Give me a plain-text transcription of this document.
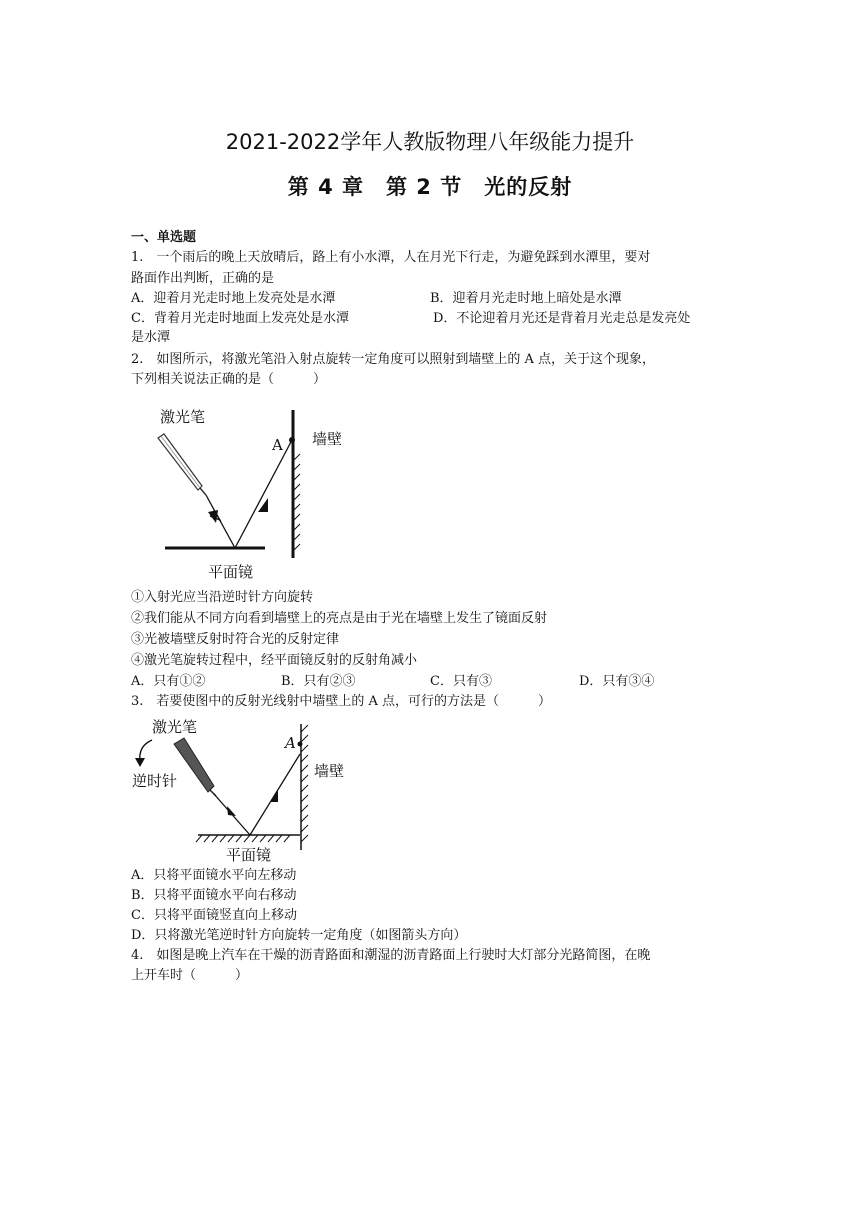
2021-2022学年人教版物理八年级能力提升
第 4 章　第 2 节　光的反射
一、单选题
1.　一个雨后的晚上天放晴后，路上有小水潭，人在月光下行走，为避免踩到水潭里，要对
路面作出判断，正确的是
A．迎着月光走时地上发亮处是水潭	B．迎着月光走时地上暗处是水潭
C．背着月光走时地面上发亮处是水潭	D．不论迎着月光还是背着月光走总是发亮处
是水潭
2.　如图所示，将激光笔沿入射点旋转一定角度可以照射到墙壁上的 A 点，关于这个现象，
下列相关说法正确的是（　　　）
激光笔
平面镜
A 墙壁
①入射光应当沿逆时针方向旋转
②我们能从不同方向看到墙壁上的亮点是由于光在墙壁上发生了镜面反射
③光被墙壁反射时符合光的反射定律
④激光笔旋转过程中，经平面镜反射的反射角减小
A．只有①②	B．只有②③	C．只有③	D．只有③④
3.　若要使图中的反射光线射中墙壁上的 A 点，可行的方法是（　　　）
激光笔
逆时针
平面镜
A
墙壁
A．只将平面镜水平向左移动
B．只将平面镜水平向右移动
C．只将平面镜竖直向上移动
D．只将激光笔逆时针方向旋转一定角度（如图箭头方向）
4.　如图是晚上汽车在干燥的沥青路面和潮湿的沥青路面上行驶时大灯部分光路简图，在晚
上开车时（　　　）
